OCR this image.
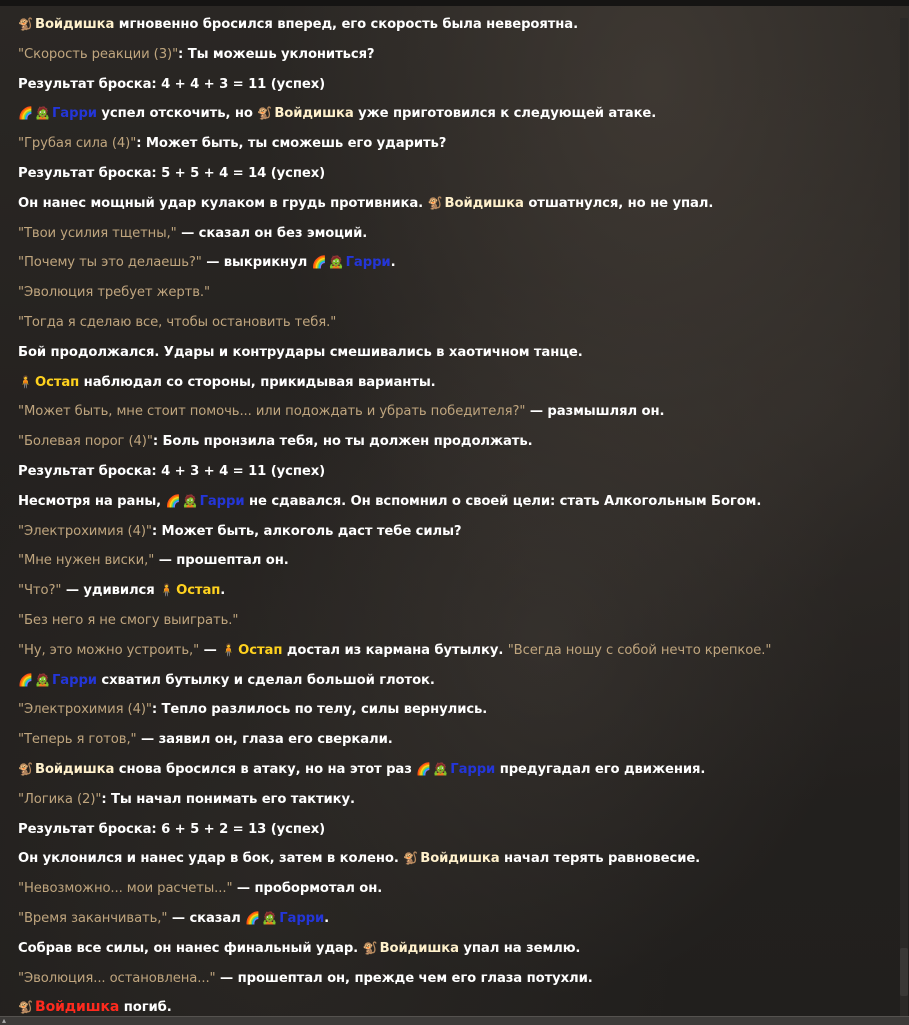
🐒 Войдишка мгновенно бросился вперед, его скорость была невероятна.
"Скорость реакции (3)": Ты можешь уклониться?
Результат броска: 4 + 4 + 3 = 11 (успех)
🌈 🧟 Гарри успел отскочить, но 🐒 Войдишка уже приготовился к следующей атаке.
"Грубая сила (4)": Может быть, ты сможешь его ударить?
Результат броска: 5 + 5 + 4 = 14 (успех)
Он нанес мощный удар кулаком в грудь противника. 🐒 Войдишка отшатнулся, но не упал.
"Твои усилия тщетны," — сказал он без эмоций.
"Почему ты это делаешь?" — выкрикнул 🌈 🧟 Гарри.
"Эволюция требует жертв."
"Тогда я сделаю все, чтобы остановить тебя."
Бой продолжался. Удары и контрудары смешивались в хаотичном танце.
🧍 Остап наблюдал со стороны, прикидывая варианты.
"Может быть, мне стоит помочь... или подождать и убрать победителя?" — размышлял он.
"Болевая порог (4)": Боль пронзила тебя, но ты должен продолжать.
Результат броска: 4 + 3 + 4 = 11 (успех)
Несмотря на раны, 🌈 🧟 Гарри не сдавался. Он вспомнил о своей цели: стать Алкогольным Богом.
"Электрохимия (4)": Может быть, алкоголь даст тебе силы?
"Мне нужен виски," — прошептал он.
"Что?" — удивился 🧍 Остап.
"Без него я не смогу выиграть."
"Ну, это можно устроить," — 🧍 Остап достал из кармана бутылку. "Всегда ношу с собой нечто крепкое."
🌈 🧟 Гарри схватил бутылку и сделал большой глоток.
"Электрохимия (4)": Тепло разлилось по телу, силы вернулись.
"Теперь я готов," — заявил он, глаза его сверкали.
🐒 Войдишка снова бросился в атаку, но на этот раз 🌈 🧟 Гарри предугадал его движения.
"Логика (2)": Ты начал понимать его тактику.
Результат броска: 6 + 5 + 2 = 13 (успех)
Он уклонился и нанес удар в бок, затем в колено. 🐒 Войдишка начал терять равновесие.
"Невозможно... мои расчеты..." — пробормотал он.
"Время заканчивать," — сказал 🌈 🧟 Гарри.
Собрав все силы, он нанес финальный удар. 🐒 Войдишка упал на землю.
"Эволюция... остановлена..." — прошептал он, прежде чем его глаза потухли.
🐒 Войдишка погиб.
▴
